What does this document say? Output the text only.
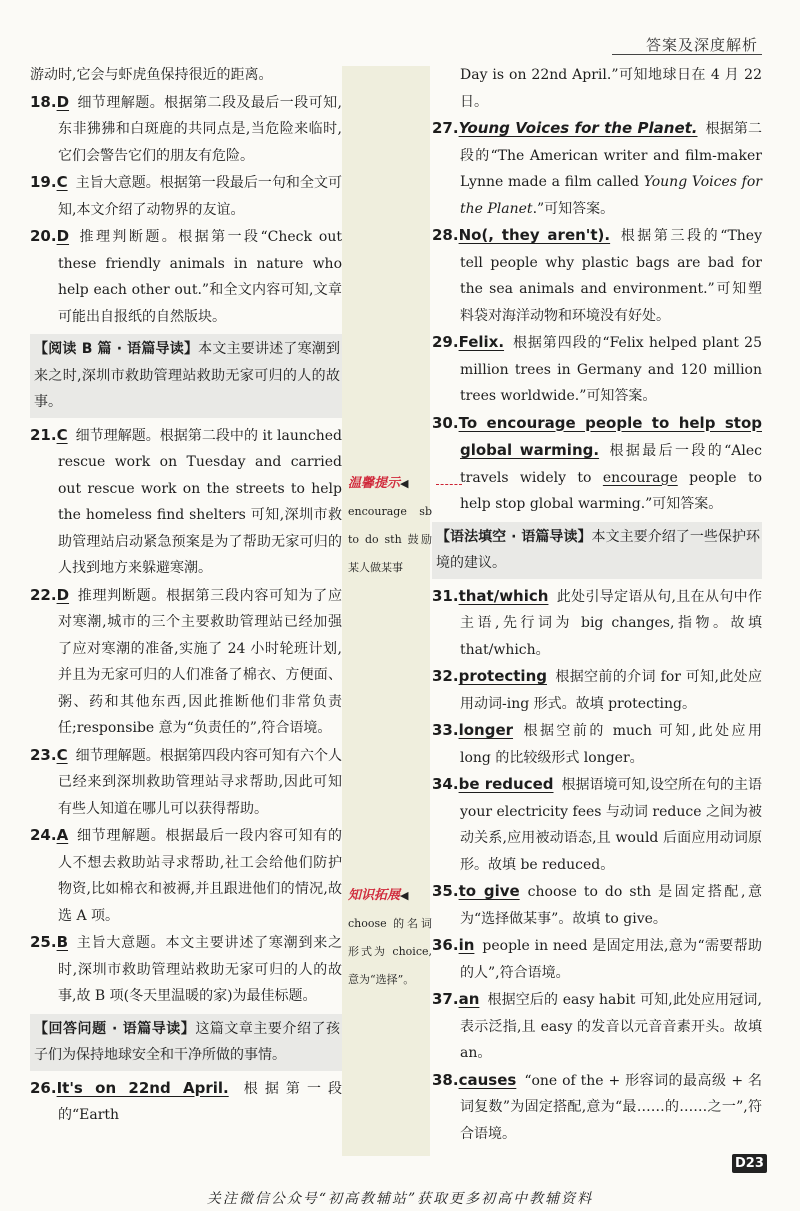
答案及深度解析

游动时,它会与虾虎鱼保持很近的距离。

18.D 细节理解题。根据第二段及最后一段可知,东非狒狒和白斑鹿的共同点是,当危险来临时,它们会警告它们的朋友有危险。

19.C 主旨大意题。根据第一段最后一句和全文可知,本文介绍了动物界的友谊。

20.D 推理判断题。根据第一段“Check out these friendly animals in nature who help each other out.”和全文内容可知,文章可能出自报纸的自然版块。

【阅读 B 篇 · 语篇导读】本文主要讲述了寒潮到来之时,深圳市救助管理站救助无家可归的人的故事。

21.C 细节理解题。根据第二段中的 it launched rescue work on Tuesday and carried out rescue work on the streets to help the homeless find shelters 可知,深圳市救助管理站启动紧急预案是为了帮助无家可归的人找到地方来躲避寒潮。

22.D 推理判断题。根据第三段内容可知为了应对寒潮,城市的三个主要救助管理站已经加强了应对寒潮的准备,实施了 24 小时轮班计划,并且为无家可归的人们准备了棉衣、方便面、粥、药和其他东西,因此推断他们非常负责任;responsibe 意为“负责任的”,符合语境。

23.C 细节理解题。根据第四段内容可知有六个人已经来到深圳救助管理站寻求帮助,因此可知有些人知道在哪儿可以获得帮助。

24.A 细节理解题。根据最后一段内容可知有的人不想去救助站寻求帮助,社工会给他们防护物资,比如棉衣和被褥,并且跟进他们的情况,故选 A 项。

25.B 主旨大意题。本文主要讲述了寒潮到来之时,深圳市救助管理站救助无家可归的人的故事,故 B 项(冬天里温暖的家)为最佳标题。

【回答问题 · 语篇导读】这篇文章主要介绍了孩子们为保持地球安全和干净所做的事情。

26.It's on 22nd April. 根据第一段的“Earth

Day is on 22nd April.”可知地球日在 4 月 22 日。

27.Young Voices for the Planet. 根据第二段的“The American writer and film-maker Lynne made a film called Young Voices for the Planet.”可知答案。

28.No(, they aren't). 根据第三段的“They tell people why plastic bags are bad for the sea animals and environment.”可知塑料袋对海洋动物和环境没有好处。

29.Felix. 根据第四段的“Felix helped plant 25 million trees in Germany and 120 million trees worldwide.”可知答案。

30.To encourage people to help stop global warming. 根据最后一段的“Alec travels widely to encourage people to help stop global warming.”可知答案。

【语法填空 · 语篇导读】本文主要介绍了一些保护环境的建议。

31.that/which 此处引导定语从句,且在从句中作主语,先行词为 big changes,指物。故填 that/which。

32.protecting 根据空前的介词 for 可知,此处应用动词-ing 形式。故填 protecting。

33.longer 根据空前的 much 可知,此处应用 long 的比较级形式 longer。

34.be reduced 根据语境可知,设空所在句的主语 your electricity fees 与动词 reduce 之间为被动关系,应用被动语态,且 would 后面应用动词原形。故填 be reduced。

35.to give choose to do sth 是固定搭配,意为“选择做某事”。故填 to give。

36.in people in need 是固定用法,意为“需要帮助的人”,符合语境。

37.an 根据空后的 easy habit 可知,此处应用冠词,表示泛指,且 easy 的发音以元音音素开头。故填 an。

38.causes “one of the + 形容词的最高级 + 名词复数”为固定搭配,意为“最……的……之一”,符合语境。

温馨提示◀
encourage sb to do sth 鼓励某人做某事
知识拓展◀
choose 的名词形式为 choice,意为“选择”。
D23
关注微信公众号“初高教辅站”获取更多初高中教辅资料
